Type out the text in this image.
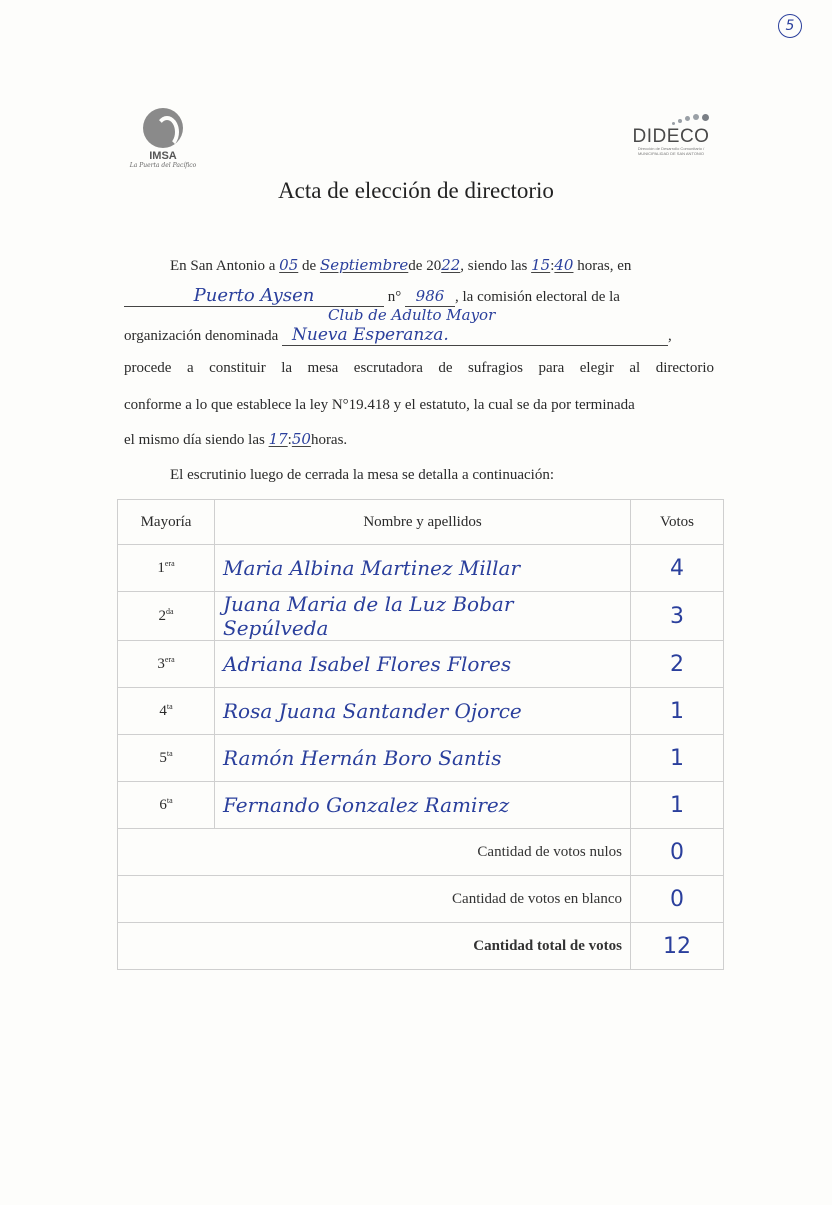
5
IMSA
La Puerta del Pacífico
DIDECO
Dirección de Desarrollo Comunitario / MUNICIPALIDAD DE SAN ANTONIO
Acta de elección de directorio
En San Antonio a 05 de Septiembrede 2022, siendo las 15:40 horas, en
Puerto Aysen	n° 986 , la comisión electoral de la
Club de Adulto Mayor
organización denominada Nueva Esperanza.	,
procede a constituir la mesa escrutadora de sufragios para elegir al directorio
conforme a lo que establece la ley N°19.418 y el estatuto, la cual se da por terminada
el mismo día siendo las 17:50horas.
El escrutinio luego de cerrada la mesa se detalla a continuación:
Mayoría	Nombre y apellidos	Votos
$1^{era}$	Maria Albina Martinez Millar	4
$2^{da}$	Juana Maria de la Luz Bobar Sepúlveda	3
$3^{era}$	Adriana Isabel Flores Flores	2
$4^{ta}$	Rosa Juana Santander Ojorce	1
$5^{ta}$	Ramón Hernán Boro Santis	1
$6^{ta}$	Fernando Gonzalez Ramirez	1
Cantidad de votos nulos		0
Cantidad de votos en blanco		0
Cantidad total de votos		12
